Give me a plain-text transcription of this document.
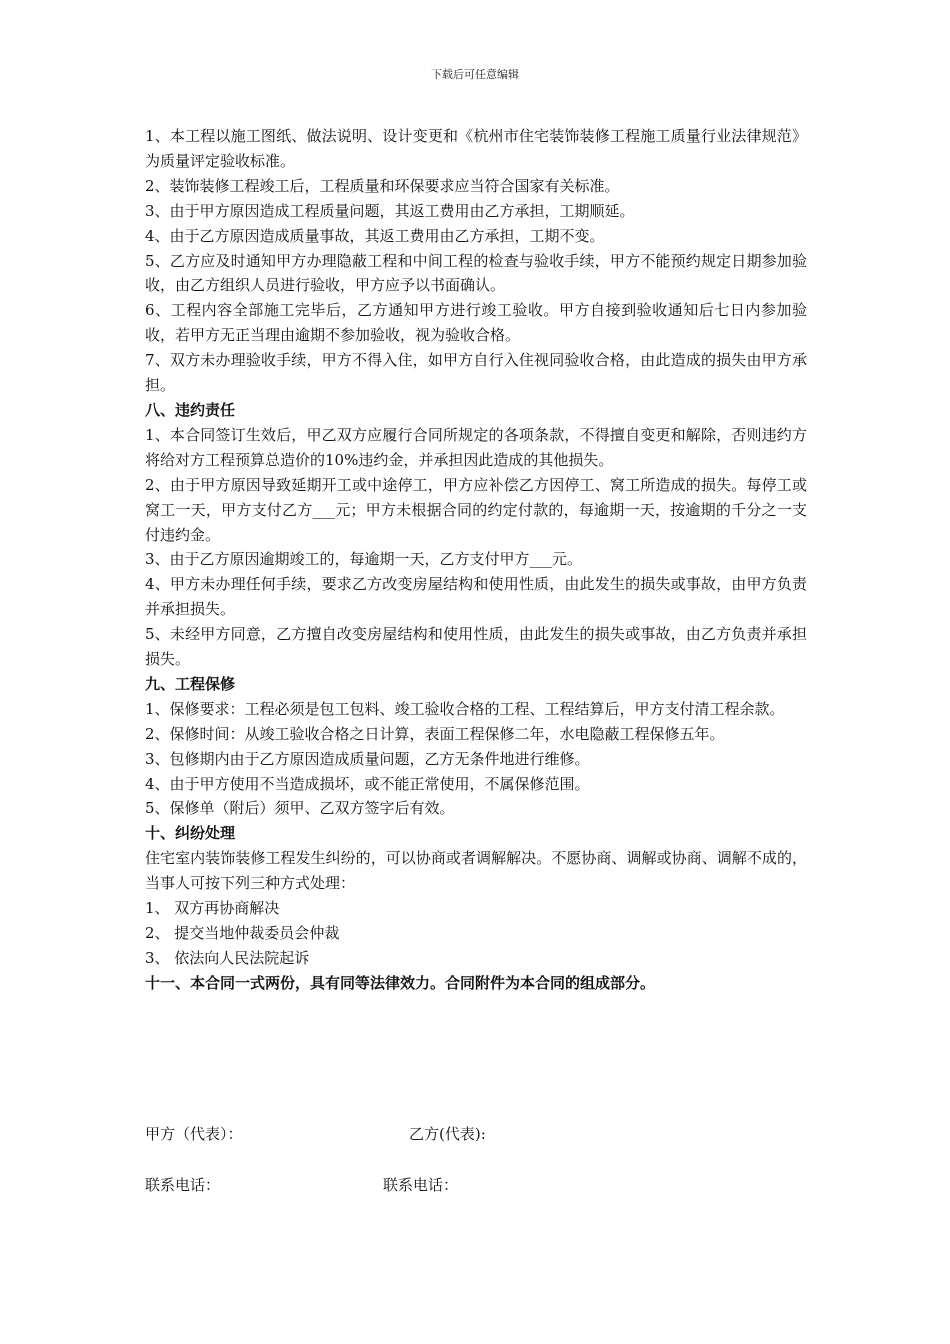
下载后可任意编辑

1、本工程以施工图纸、做法说明、设计变更和《杭州市住宅装饰装修工程施工质量行业法律规范》为质量评定验收标准。

2、装饰装修工程竣工后，工程质量和环保要求应当符合国家有关标准。

3、由于甲方原因造成工程质量问题，其返工费用由乙方承担，工期顺延。

4、由于乙方原因造成质量事故，其返工费用由乙方承担，工期不变。

5、乙方应及时通知甲方办理隐蔽工程和中间工程的检查与验收手续，甲方不能预约规定日期参加验收，由乙方组织人员进行验收，甲方应予以书面确认。

6、工程内容全部施工完毕后，乙方通知甲方进行竣工验收。甲方自接到验收通知后七日内参加验收，若甲方无正当理由逾期不参加验收，视为验收合格。

7、双方未办理验收手续，甲方不得入住，如甲方自行入住视同验收合格，由此造成的损失由甲方承担。

八、违约责任

1、本合同签订生效后，甲乙双方应履行合同所规定的各项条款，不得擅自变更和解除，否则违约方将给对方工程预算总造价的10%违约金，并承担因此造成的其他损失。

2、由于甲方原因导致延期开工或中途停工，甲方应补偿乙方因停工、窝工所造成的损失。每停工或窝工一天，甲方支付乙方___元；甲方未根据合同的约定付款的，每逾期一天，按逾期的千分之一支付违约金。

3、由于乙方原因逾期竣工的，每逾期一天，乙方支付甲方___元。

4、甲方未办理任何手续，要求乙方改变房屋结构和使用性质，由此发生的损失或事故，由甲方负责并承担损失。

5、未经甲方同意，乙方擅自改变房屋结构和使用性质，由此发生的损失或事故，由乙方负责并承担损失。

九、工程保修

1、保修要求：工程必须是包工包料、竣工验收合格的工程、工程结算后，甲方支付清工程余款。

2、保修时间：从竣工验收合格之日计算，表面工程保修二年，水电隐蔽工程保修五年。

3、包修期内由于乙方原因造成质量问题，乙方无条件地进行维修。

4、由于甲方使用不当造成损坏，或不能正常使用，不属保修范围。

5、保修单（附后）须甲、乙双方签字后有效。

十、纠纷处理

住宅室内装饰装修工程发生纠纷的，可以协商或者调解解决。不愿协商、调解或协商、调解不成的，当事人可按下列三种方式处理：

1、 双方再协商解决

2、 提交当地仲裁委员会仲裁

3、 依法向人民法院起诉

十一、本合同一式两份，具有同等法律效力。合同附件为本合同的组成部分。

甲方（代表）：	乙方(代表):
联系电话：	联系电话：
